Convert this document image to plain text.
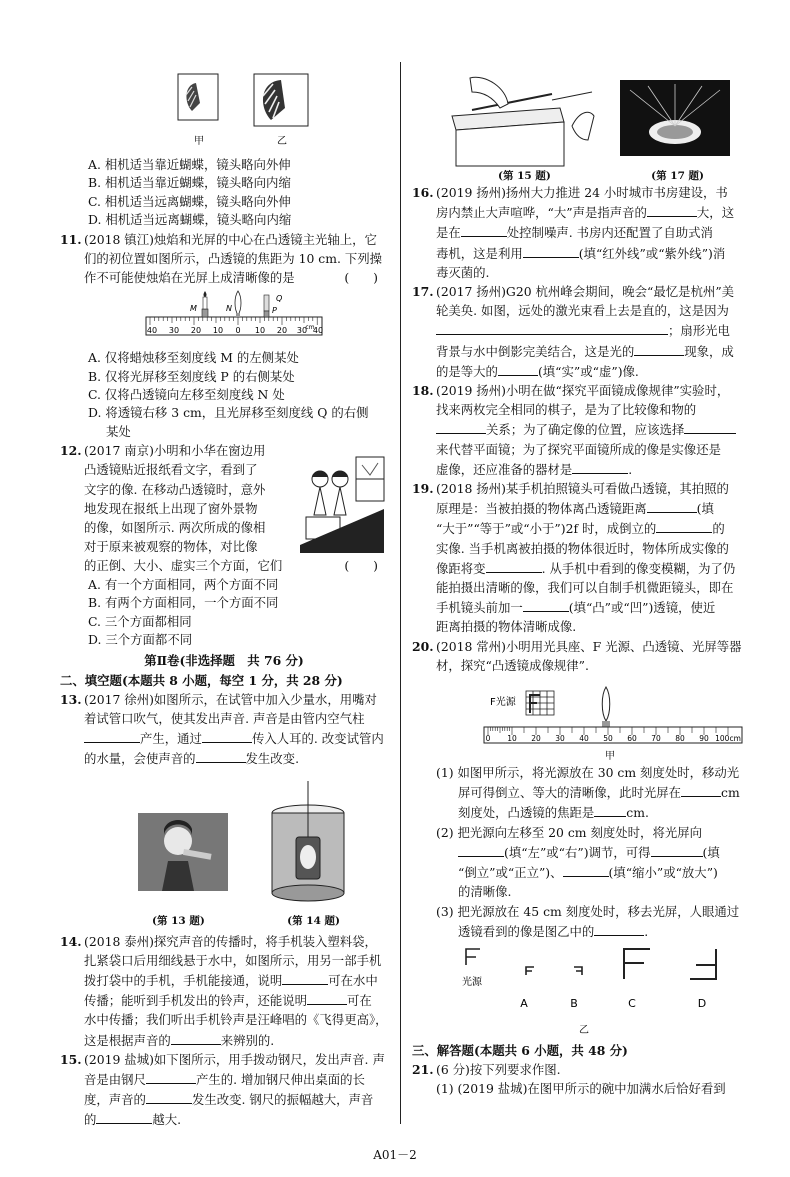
甲	乙
A. 相机适当靠近蝴蝶，镜头略向外伸
B. 相机适当靠近蝴蝶，镜头略向内缩
C. 相机适当远离蝴蝶，镜头略向外伸
D. 相机适当远离蝴蝶，镜头略向内缩

11. (2018 镇江)烛焰和光屏的中心在凸透镜主光轴上，它

们的初位置如图所示，凸透镜的焦距为 10 cm. 下列操

作不可能使烛焰在光屏上成清晰像的是	( )

40 30 20 10 0 10 20 30
cm
40
M	N	P
Q
A. 仅将蜡烛移至刻度线 M 的左侧某处
B. 仅将光屏移至刻度线 P 的右侧某处
C. 仅将凸透镜向左移至刻度线 N 处
D. 将透镜右移 3 cm，且光屏移至刻度线 Q 的右侧
某处

12. (2017 南京)小明和小华在窗边用

凸透镜贴近报纸看文字，看到了

文字的像. 在移动凸透镜时，意外

地发现在报纸上出现了窗外景物

的像，如图所示. 两次所成的像相

对于原来被观察的物体，对比像

的正倒、大小、虚实三个方面，它们	( )

A. 有一个方面相同，两个方面不同
B. 有两个方面相同，一个方面不同
C. 三个方面都相同
D. 三个方面都不同

第Ⅱ卷(非选择题　共 76 分)

二、填空题(本题共 8 小题，每空 1 分，共 28 分)

13. (2017 徐州)如图所示，在试管中加入少量水，用嘴对

着试管口吹气，使其发出声音. 声音是由管内空气柱

产生，通过	传入人耳的. 改变试管内

的水量，会使声音的	发生改变.

(第 13 题)	(第 14 题)

14. (2018 泰州)探究声音的传播时，将手机装入塑料袋，

扎紧袋口后用细线悬于水中，如图所示，用另一部手机

拨打袋中的手机，手机能接通，说明	可在水中

传播；能听到手机发出的铃声，还能说明	可在

水中传播；我们听出手机铃声是汪峰唱的《飞得更高》，

这是根据声音的	来辨别的.

15. (2019 盐城)如下图所示，用手拨动钢尺，发出声音. 声

音是由钢尺	产生的. 增加钢尺伸出桌面的长

度，声音的	发生改变. 钢尺的振幅越大，声音

的	越大.

(第 15 题)	(第 17 题)

16. (2019 扬州)扬州大力推进 24 小时城市书房建设，书

房内禁止大声喧哗，“大”声是指声音的	大，这

是在	处控制噪声. 书房内还配置了自助式消

毒机，这是利用	(填“红外线”或“紫外线”)消

毒灭菌的.

17. (2017 扬州)G20 杭州峰会期间，晚会“最忆是杭州”美

轮美奂. 如图，远处的激光束看上去是直的，这是因为

；扇形光电

背景与水中倒影完美结合，这是光的	现象，成

的是等大的	(填“实”或“虚”)像.

18. (2019 扬州)小明在做“探究平面镜成像规律”实验时，

找来两枚完全相同的棋子，是为了比较像和物的

关系；为了确定像的位置，应该选择

来代替平面镜；为了探究平面镜所成的像是实像还是

虚像，还应准备的器材是	.

19. (2018 扬州)某手机拍照镜头可看做凸透镜，其拍照的

原理是：当被拍摄的物体离凸透镜距离	(填

“大于”“等于”或“小于”)2f 时，成倒立的	的

实像. 当手机离被拍摄的物体很近时，物体所成实像的

像距将变	. 从手机中看到的像变模糊，为了仍

能拍摄出清晰的像，我们可以自制手机微距镜头，即在

手机镜头前加一	(填“凸”或“凹”)透镜，使近

距离拍摄的物体清晰成像.

20. (2018 常州)小明用光具座、F 光源、凸透镜、光屏等器

材，探究“凸透镜成像规律”.

F光源
0 10 20 30 40 50 60 70 80 90 100cm
甲

(1) 如图甲所示，将光源放在 30 cm 刻度处时，移动光

屏可得倒立、等大的清晰像，此时光屏在	cm

刻度处，凸透镜的焦距是	cm.

(2) 把光源向左移至 20 cm 刻度处时，将光屏向

(填“左”或“右”)调节，可得	(填

“倒立”或“正立”)、	(填“缩小”或“放大”)

的清晰像.

(3) 把光源放在 45 cm 刻度处时，移去光屏，人眼通过

透镜看到的像是图乙中的	.

光源
A	B	C	D
乙

三、解答题(本题共 6 小题，共 48 分)

21. (6 分)按下列要求作图.

(1) (2019 盐城)在图甲所示的碗中加满水后恰好看到

A01－2
